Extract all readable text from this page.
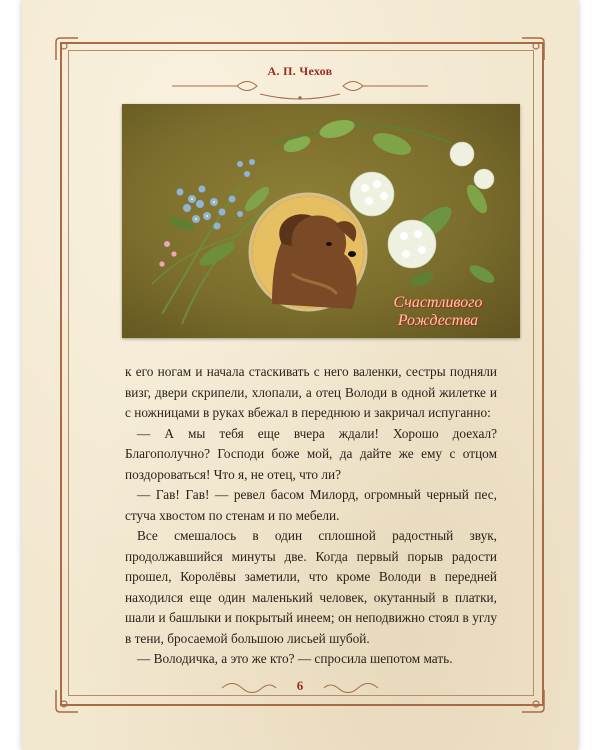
А. П. Чехов
Счастливого
Рождества

к его ногам и начала стаскивать с него валенки, сестры подняли визг, двери скрипели, хлопали, а отец Володи в одной жилетке и с ножницами в руках вбежал в переднюю и закричал испуганно:

— А мы тебя еще вчера ждали! Хорошо доехал? Благополучно? Господи боже мой, да дайте же ему с отцом поздороваться! Что я, не отец, что ли?

— Гав! Гав! — ревел басом Милорд, огромный черный пес, стуча хвостом по стенам и по мебели.

Все смешалось в один сплошной радостный звук, продолжавшийся минуты две. Когда первый порыв радости прошел, Королёвы заметили, что кроме Володи в передней находился еще один маленький человек, окутанный в платки, шали и башлыки и покрытый инеем; он неподвижно стоял в углу в тени, бросаемой большою лисьей шубой.

— Володичка, а это же кто? — спросила шепотом мать.

6
